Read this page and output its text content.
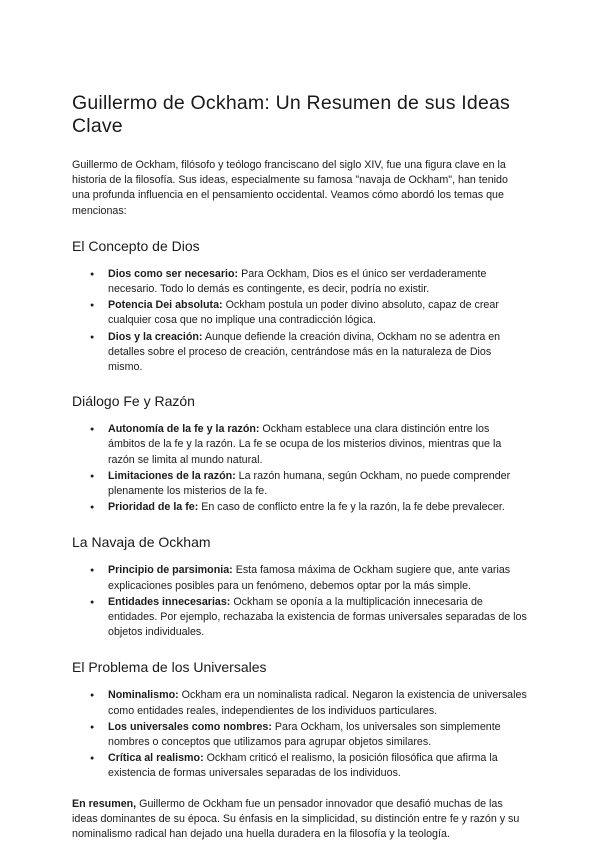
Guillermo de Ockham: Un Resumen de sus Ideas Clave

Guillermo de Ockham, filósofo y teólogo franciscano del siglo XIV, fue una figura clave en la historia de la filosofía. Sus ideas, especialmente su famosa "navaja de Ockham", han tenido una profunda influencia en el pensamiento occidental. Veamos cómo abordó los temas que mencionas:

El Concepto de Dios
● Dios como ser necesario: Para Ockham, Dios es el único ser verdaderamente necesario. Todo lo demás es contingente, es decir, podría no existir.
● Potencia Dei absoluta: Ockham postula un poder divino absoluto, capaz de crear cualquier cosa que no implique una contradicción lógica.
● Dios y la creación: Aunque defiende la creación divina, Ockham no se adentra en detalles sobre el proceso de creación, centrándose más en la naturaleza de Dios mismo.
Diálogo Fe y Razón
● Autonomía de la fe y la razón: Ockham establece una clara distinción entre los ámbitos de la fe y la razón. La fe se ocupa de los misterios divinos, mientras que la razón se limita al mundo natural.
● Limitaciones de la razón: La razón humana, según Ockham, no puede comprender plenamente los misterios de la fe.
● Prioridad de la fe: En caso de conflicto entre la fe y la razón, la fe debe prevalecer.
La Navaja de Ockham
● Principio de parsimonia: Esta famosa máxima de Ockham sugiere que, ante varias explicaciones posibles para un fenómeno, debemos optar por la más simple.
● Entidades innecesarias: Ockham se oponía a la multiplicación innecesaria de entidades. Por ejemplo, rechazaba la existencia de formas universales separadas de los objetos individuales.
El Problema de los Universales
● Nominalismo: Ockham era un nominalista radical. Negaron la existencia de universales como entidades reales, independientes de los individuos particulares.
● Los universales como nombres: Para Ockham, los universales son simplemente nombres o conceptos que utilizamos para agrupar objetos similares.
● Crítica al realismo: Ockham criticó el realismo, la posición filosófica que afirma la existencia de formas universales separadas de los individuos.

En resumen, Guillermo de Ockham fue un pensador innovador que desafió muchas de las ideas dominantes de su época. Su énfasis en la simplicidad, su distinción entre fe y razón y su nominalismo radical han dejado una huella duradera en la filosofía y la teología.
